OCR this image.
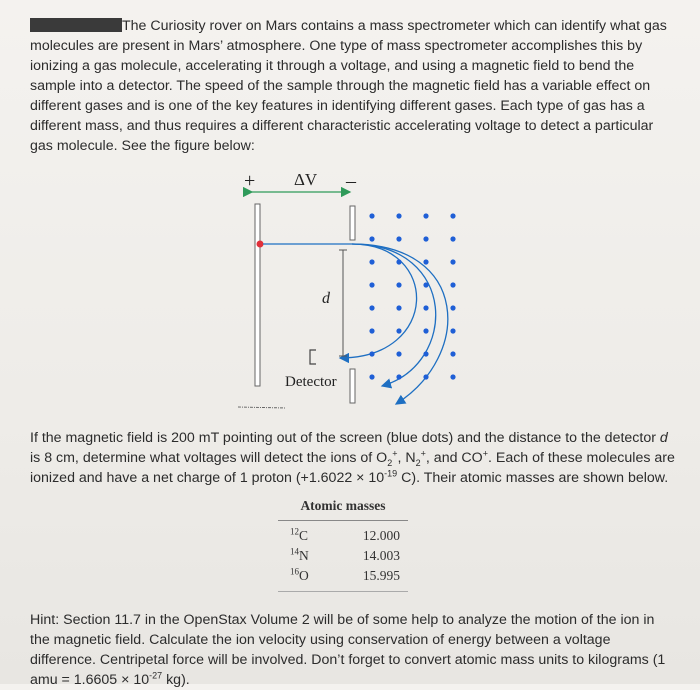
The Curiosity rover on Mars contains a mass spectrometer which can identify what gas molecules are present in Mars’ atmosphere. One type of mass spectrometer accomplishes this by ionizing a gas molecule, accelerating it through a voltage, and using a magnetic field to bend the sample into a detector. The speed of the sample through the magnetic field has a variable effect on different gases and is one of the key features in identifying different gases. Each type of gas has a different mass, and thus requires a different characteristic accelerating voltage to detect a particular gas molecule. See the figure below:
+ ΔV –
d
Detector
If the magnetic field is 200 mT pointing out of the screen (blue dots) and the distance to the detector d is 8 cm, determine what voltages will detect the ions of $O_2^+$, $N_2^+$, and CO+. Each of these molecules are ionized and have a net charge of 1 proton ($+1.6022 \times 10^{-19}$ C). Their atomic masses are shown below.
Atomic masses
$^{12}$C	12.000
$^{14}$N	14.003
$^{16}$O	15.995
Hint: Section 11.7 in the OpenStax Volume 2 will be of some help to analyze the motion of the ion in the magnetic field. Calculate the ion velocity using conservation of energy between a voltage difference. Centripetal force will be involved. Don’t forget to convert atomic mass units to kilograms (1 amu = $1.6605 \times 10^{-27}$ kg).
